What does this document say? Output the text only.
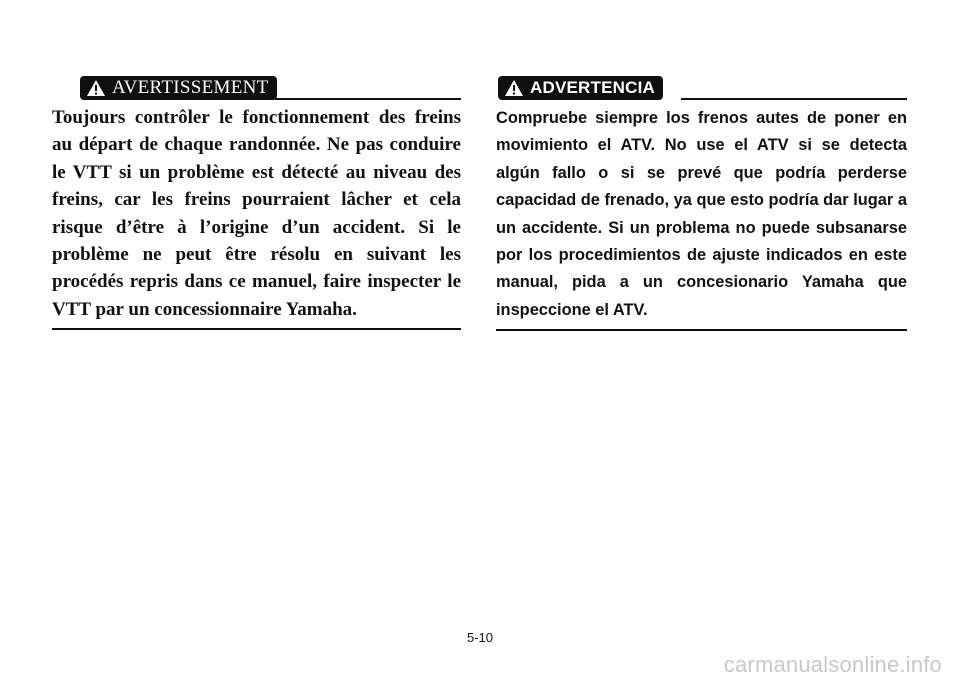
AVERTISSEMENT
Toujours contrôler le fonctionnement des freins au départ de chaque randonnée. Ne pas conduire le VTT si un problème est détecté au niveau des freins, car les freins pourraient lâcher et cela risque d’être à l’origine d’un accident. Si le problème ne peut être résolu en suivant les procédés repris dans ce manuel, faire inspecter le VTT par un concessionnaire Yamaha.
ADVERTENCIA
Compruebe siempre los frenos autes de poner en movimiento el ATV. No use el ATV si se detecta algún fallo o si se prevé que podría perderse capacidad de frenado, ya que esto podría dar lugar a un accidente. Si un problema no puede subsanarse por los procedimientos de ajuste indicados en este manual, pida a un concesionario Yamaha que inspeccione el ATV.
5-10
carmanualsonline.info
